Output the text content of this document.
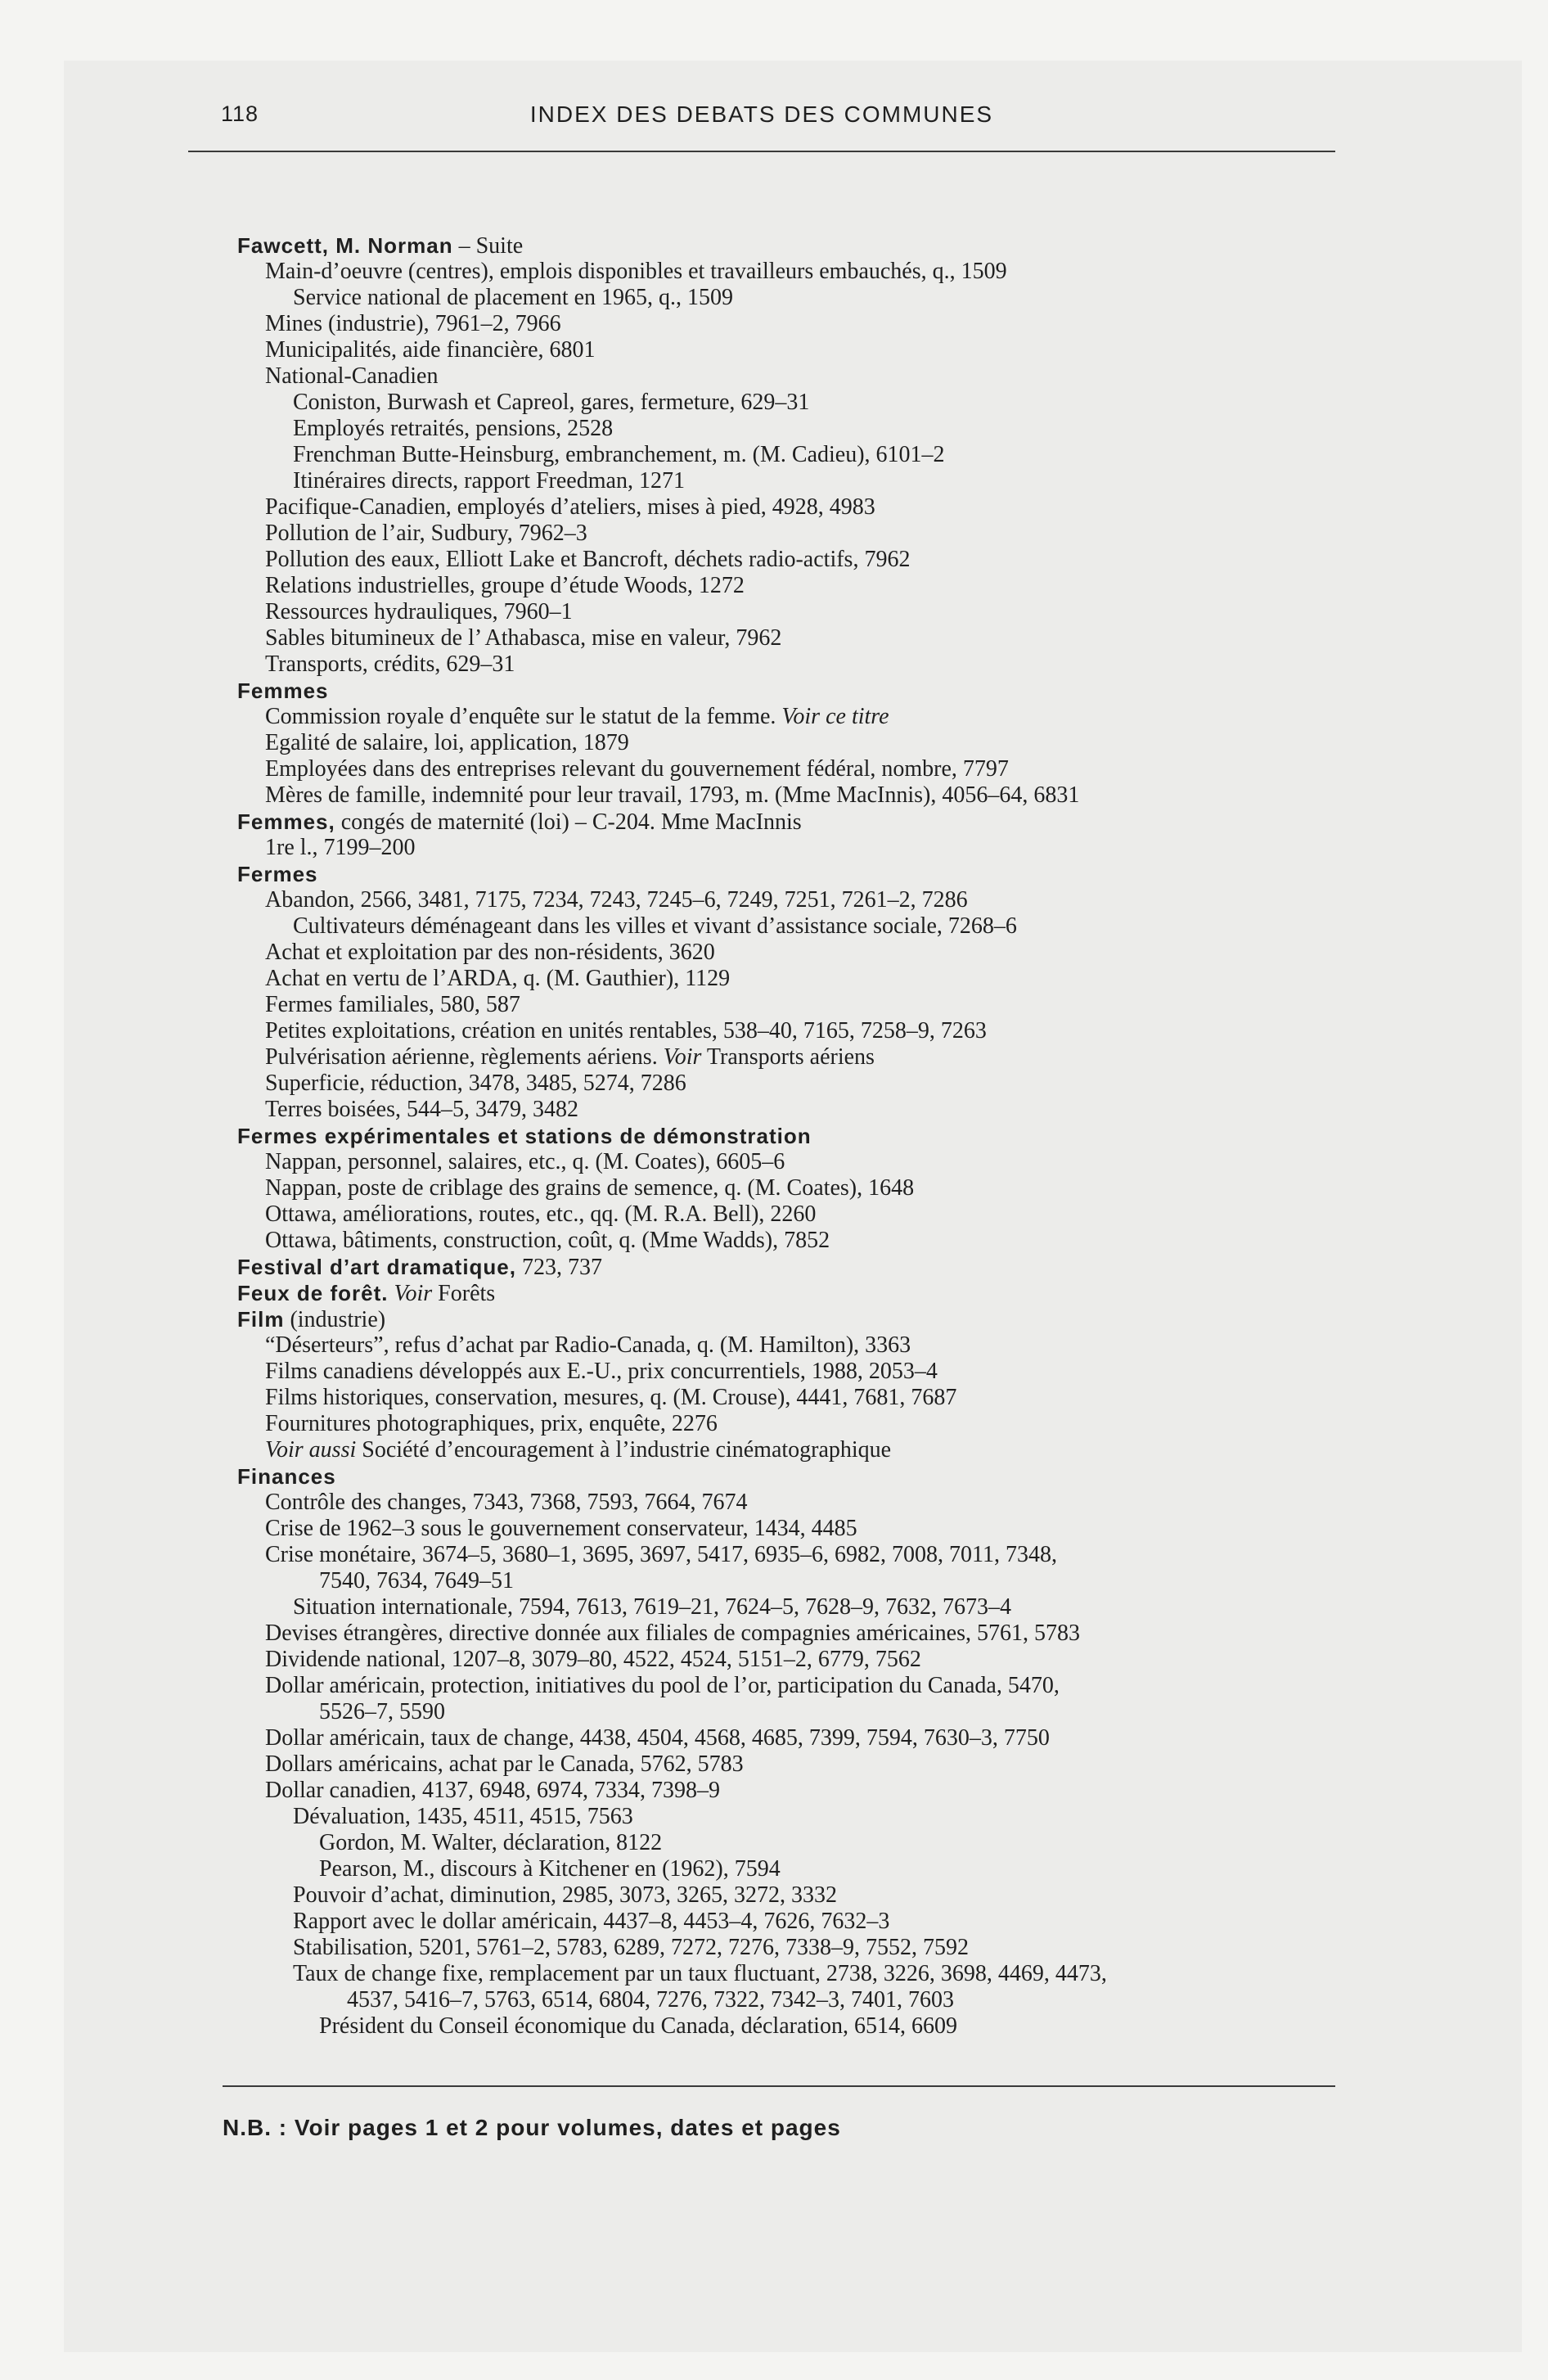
118	INDEX DES DEBATS DES COMMUNES
Fawcett, M. Norman – Suite
Main-d’oeuvre (centres), emplois disponibles et travailleurs embauchés, q., 1509
Service national de placement en 1965, q., 1509
Mines (industrie), 7961–2, 7966
Municipalités, aide financière, 6801
National-Canadien
Coniston, Burwash et Capreol, gares, fermeture, 629–31
Employés retraités, pensions, 2528
Frenchman Butte-Heinsburg, embranchement, m. (M. Cadieu), 6101–2
Itinéraires directs, rapport Freedman, 1271
Pacifique-Canadien, employés d’ateliers, mises à pied, 4928, 4983
Pollution de l’air, Sudbury, 7962–3
Pollution des eaux, Elliott Lake et Bancroft, déchets radio-actifs, 7962
Relations industrielles, groupe d’étude Woods, 1272
Ressources hydrauliques, 7960–1
Sables bitumineux de l’ Athabasca, mise en valeur, 7962
Transports, crédits, 629–31
Femmes
Commission royale d’enquête sur le statut de la femme. Voir ce titre
Egalité de salaire, loi, application, 1879
Employées dans des entreprises relevant du gouvernement fédéral, nombre, 7797
Mères de famille, indemnité pour leur travail, 1793, m. (Mme MacInnis), 4056–64, 6831
Femmes, congés de maternité (loi) – C-204. Mme MacInnis
1re l., 7199–200
Fermes
Abandon, 2566, 3481, 7175, 7234, 7243, 7245–6, 7249, 7251, 7261–2, 7286
Cultivateurs déménageant dans les villes et vivant d’assistance sociale, 7268–6
Achat et exploitation par des non-résidents, 3620
Achat en vertu de l’ARDA, q. (M. Gauthier), 1129
Fermes familiales, 580, 587
Petites exploitations, création en unités rentables, 538–40, 7165, 7258–9, 7263
Pulvérisation aérienne, règlements aériens. Voir Transports aériens
Superficie, réduction, 3478, 3485, 5274, 7286
Terres boisées, 544–5, 3479, 3482
Fermes expérimentales et stations de démonstration
Nappan, personnel, salaires, etc., q. (M. Coates), 6605–6
Nappan, poste de criblage des grains de semence, q. (M. Coates), 1648
Ottawa, améliorations, routes, etc., qq. (M. R.A. Bell), 2260
Ottawa, bâtiments, construction, coût, q. (Mme Wadds), 7852
Festival d’art dramatique, 723, 737
Feux de forêt. Voir Forêts
Film (industrie)
“Déserteurs”, refus d’achat par Radio-Canada, q. (M. Hamilton), 3363
Films canadiens développés aux E.-U., prix concurrentiels, 1988, 2053–4
Films historiques, conservation, mesures, q. (M. Crouse), 4441, 7681, 7687
Fournitures photographiques, prix, enquête, 2276
Voir aussi Société d’encouragement à l’industrie cinématographique
Finances
Contrôle des changes, 7343, 7368, 7593, 7664, 7674
Crise de 1962–3 sous le gouvernement conservateur, 1434, 4485
Crise monétaire, 3674–5, 3680–1, 3695, 3697, 5417, 6935–6, 6982, 7008, 7011, 7348,
7540, 7634, 7649–51
Situation internationale, 7594, 7613, 7619–21, 7624–5, 7628–9, 7632, 7673–4
Devises étrangères, directive donnée aux filiales de compagnies américaines, 5761, 5783
Dividende national, 1207–8, 3079–80, 4522, 4524, 5151–2, 6779, 7562
Dollar américain, protection, initiatives du pool de l’or, participation du Canada, 5470,
5526–7, 5590
Dollar américain, taux de change, 4438, 4504, 4568, 4685, 7399, 7594, 7630–3, 7750
Dollars américains, achat par le Canada, 5762, 5783
Dollar canadien, 4137, 6948, 6974, 7334, 7398–9
Dévaluation, 1435, 4511, 4515, 7563
Gordon, M. Walter, déclaration, 8122
Pearson, M., discours à Kitchener en (1962), 7594
Pouvoir d’achat, diminution, 2985, 3073, 3265, 3272, 3332
Rapport avec le dollar américain, 4437–8, 4453–4, 7626, 7632–3
Stabilisation, 5201, 5761–2, 5783, 6289, 7272, 7276, 7338–9, 7552, 7592
Taux de change fixe, remplacement par un taux fluctuant, 2738, 3226, 3698, 4469, 4473,
4537, 5416–7, 5763, 6514, 6804, 7276, 7322, 7342–3, 7401, 7603
Président du Conseil économique du Canada, déclaration, 6514, 6609
N.B. : Voir pages 1 et 2 pour volumes, dates et pages
